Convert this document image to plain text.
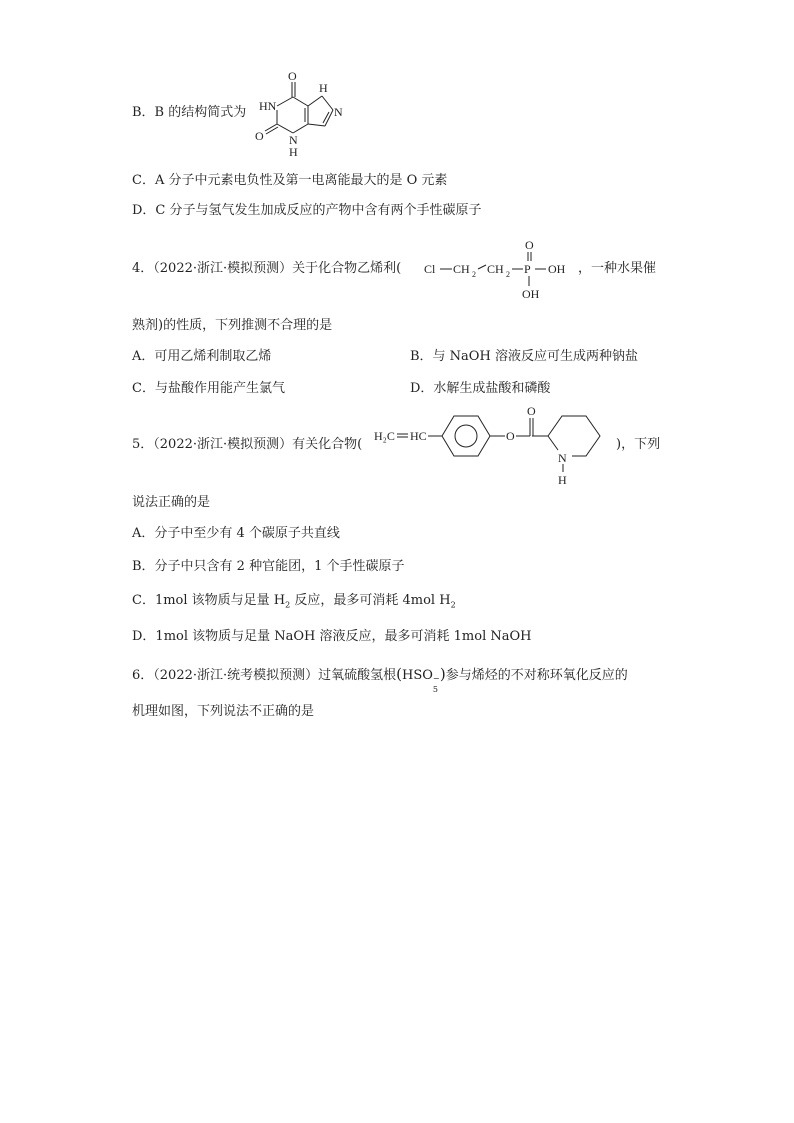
B．B 的结构简式为
O
H
HN	N
O N
H
C．A 分子中元素电负性及第一电离能最大的是 O 元素
D．C 分子与氢气发生加成反应的产物中含有两个手性碳原子
4．（2022·浙江·模拟预测）关于化合物乙烯利( Cl CH 2 CH 2 P
O
OH
OH
，一种水果催
熟剂)的性质，下列推测不合理的是
A．可用乙烯利制取乙烯	B．与 NaOH 溶液反应可生成两种钠盐
C．与盐酸作用能产生氯气	D．水解生成盐酸和磷酸
5．（2022·浙江·模拟预测）有关化合物(
H₂C HC	O
O
N
H
)，下列
说法正确的是
A．分子中至少有 4 个碳原子共直线
B．分子中只含有 2 种官能团，1 个手性碳原子
C．1mol 该物质与足量 $H_2$ 反应，最多可消耗 4mol $H_2$
D．1mol 该物质与足量 NaOH 溶液反应，最多可消耗 1mol NaOH
6．（2022·浙江·统考模拟预测）过氧硫酸氢根(HSO −
5
)参与烯烃的不对称环氧化反应的
机理如图，下列说法不正确的是
